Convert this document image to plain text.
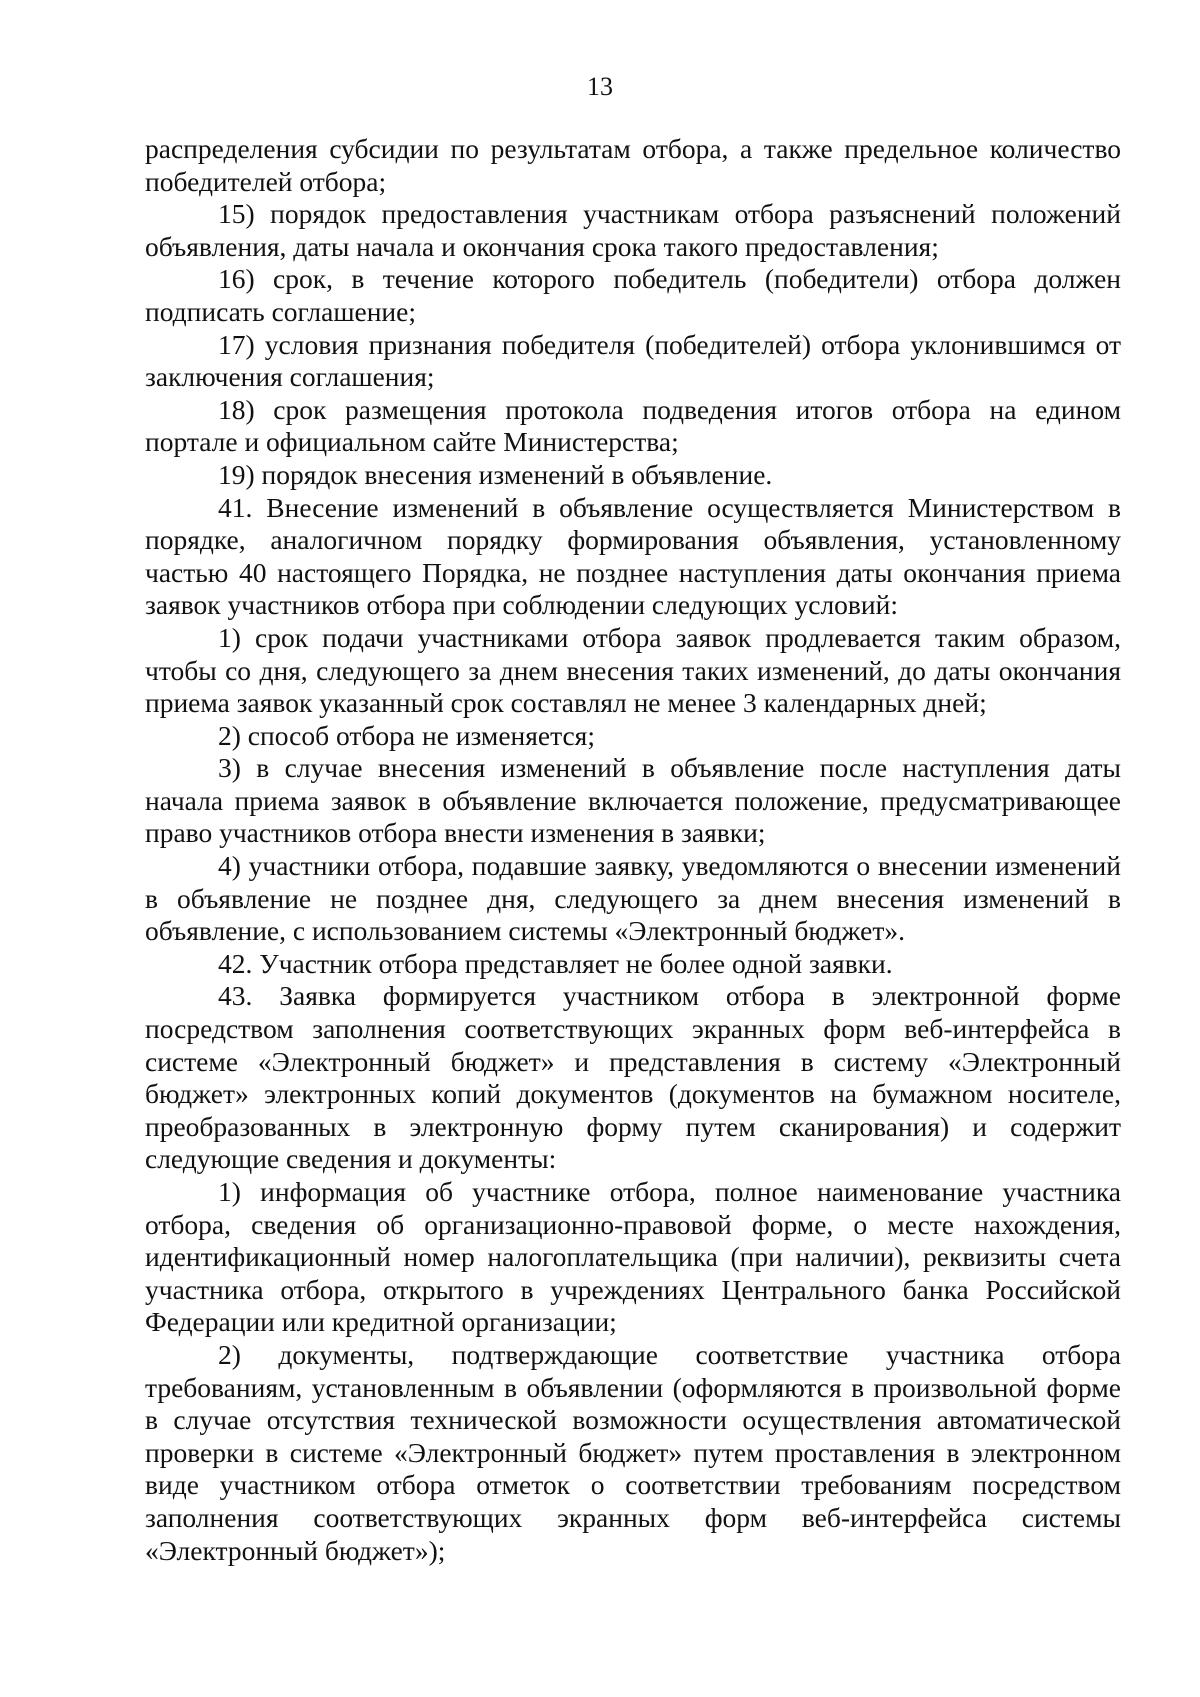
13

распределения субсидии по результатам отбора, а также предельное количество победителей отбора;

15) порядок предоставления участникам отбора разъяснений положений объявления, даты начала и окончания срока такого предоставления;

16) срок, в течение которого победитель (победители) отбора должен подписать соглашение;

17) условия признания победителя (победителей) отбора уклонившимся от заключения соглашения;

18) срок размещения протокола подведения итогов отбора на едином портале и официальном сайте Министерства;

19) порядок внесения изменений в объявление.

41. Внесение изменений в объявление осуществляется Министерством в порядке, аналогичном порядку формирования объявления, установленному частью 40 настоящего Порядка, не позднее наступления даты окончания приема заявок участников отбора при соблюдении следующих условий:

1) срок подачи участниками отбора заявок продлевается таким образом, чтобы со дня, следующего за днем внесения таких изменений, до даты окончания приема заявок указанный срок составлял не менее 3 календарных дней;

2) способ отбора не изменяется;

3) в случае внесения изменений в объявление после наступления даты начала приема заявок в объявление включается положение, предусматривающее право участников отбора внести изменения в заявки;

4) участники отбора, подавшие заявку, уведомляются о внесении изменений в объявление не позднее дня, следующего за днем внесения изменений в объявление, с использованием системы «Электронный бюджет».

42. Участник отбора представляет не более одной заявки.

43. Заявка формируется участником отбора в электронной форме посредством заполнения соответствующих экранных форм веб-интерфейса в системе «Электронный бюджет» и представления в систему «Электронный бюджет» электронных копий документов (документов на бумажном носителе, преобразованных в электронную форму путем сканирования) и содержит следующие сведения и документы:

1) информация об участнике отбора, полное наименование участника отбора, сведения об организационно-правовой форме, о месте нахождения, идентификационный номер налогоплательщика (при наличии), реквизиты счета участника отбора, открытого в учреждениях Центрального банка Российской Федерации или кредитной организации;

2) документы, подтверждающие соответствие участника отбора требованиям, установленным в объявлении (оформляются в произвольной форме в случае отсутствия технической возможности осуществления автоматической проверки в системе «Электронный бюджет» путем проставления в электронном виде участником отбора отметок о соответствии требованиям посредством заполнения соответствующих экранных форм веб-интерфейса системы «Электронный бюджет»);
